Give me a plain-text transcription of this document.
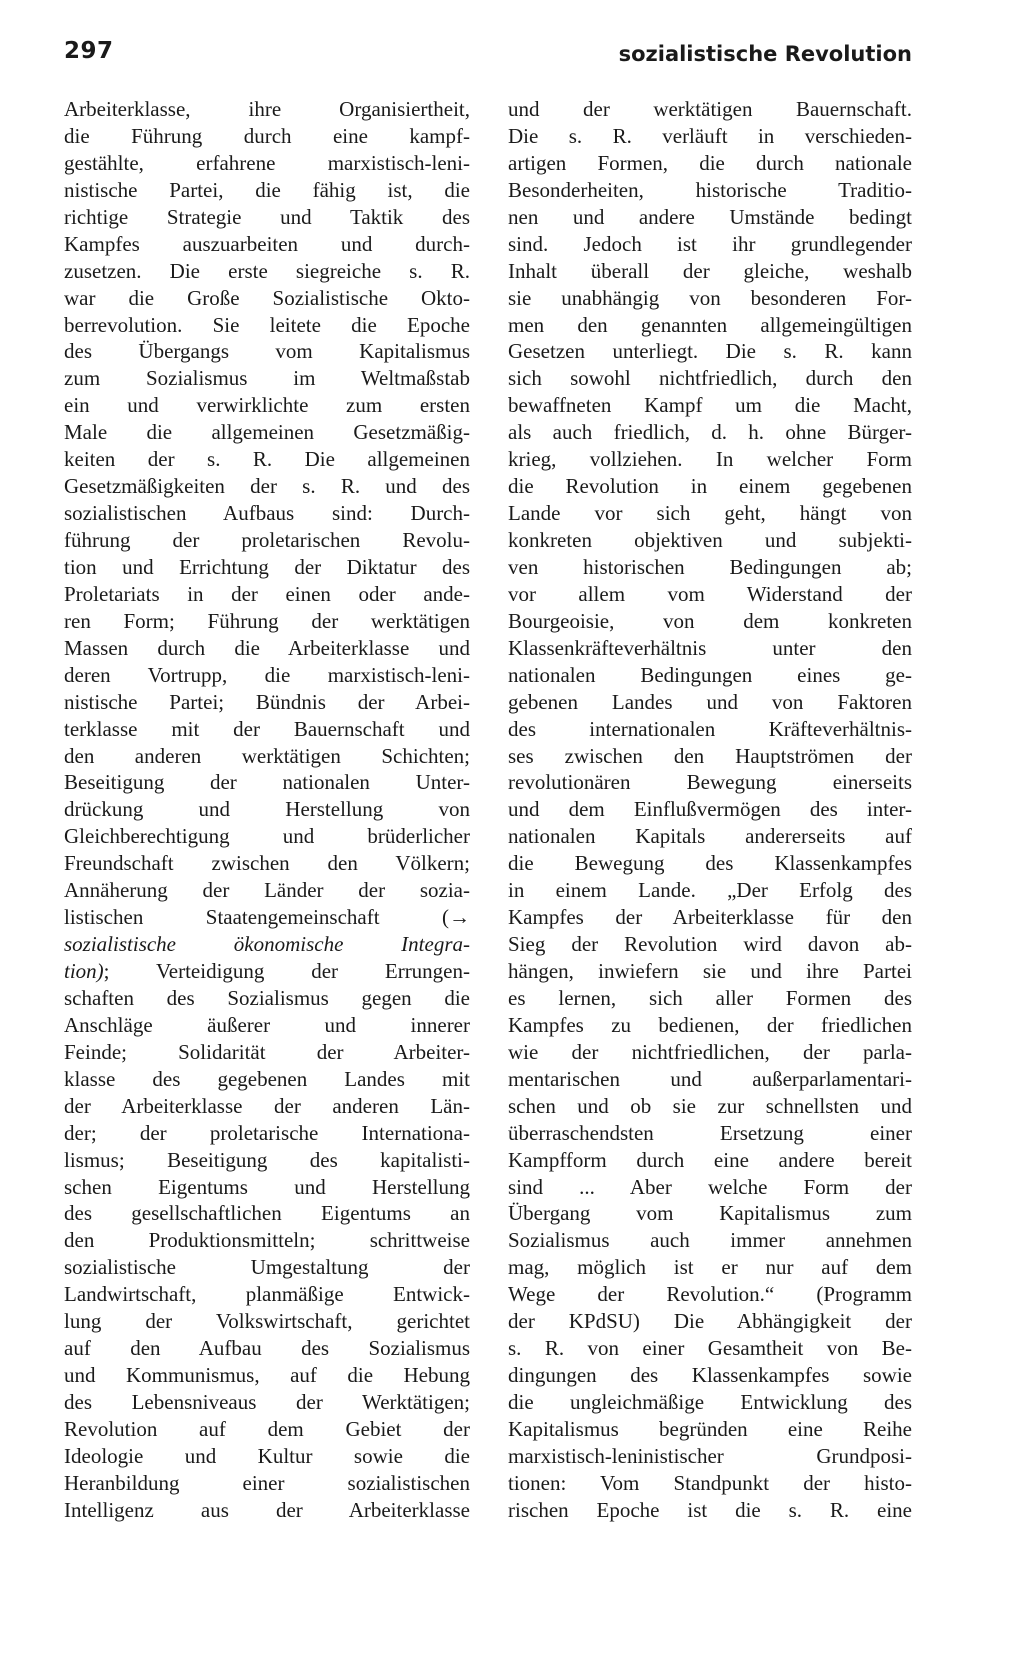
297	sozialistische Revolution
Arbeiterklasse, ihre Organisiertheit,
die Führung durch eine kampf-
gestählte, erfahrene marxistisch-leni-
nistische Partei, die fähig ist, die
richtige Strategie und Taktik des
Kampfes auszuarbeiten und durch-
zusetzen. Die erste siegreiche s. R.
war die Große Sozialistische Okto-
berrevolution. Sie leitete die Epoche
des Übergangs vom Kapitalismus
zum Sozialismus im Weltmaßstab
ein und verwirklichte zum ersten
Male die allgemeinen Gesetzmäßig-
keiten der s. R. Die allgemeinen
Gesetzmäßigkeiten der s. R. und des
sozialistischen Aufbaus sind: Durch-
führung der proletarischen Revolu-
tion und Errichtung der Diktatur des
Proletariats in der einen oder ande-
ren Form; Führung der werktätigen
Massen durch die Arbeiterklasse und
deren Vortrupp, die marxistisch-leni-
nistische Partei; Bündnis der Arbei-
terklasse mit der Bauernschaft und
den anderen werktätigen Schichten;
Beseitigung der nationalen Unter-
drückung und Herstellung von
Gleichberechtigung und brüderlicher
Freundschaft zwischen den Völkern;
Annäherung der Länder der sozia-
listischen Staatengemeinschaft (→
sozialistische ökonomische Integra-
tion); Verteidigung der Errungen-
schaften des Sozialismus gegen die
Anschläge äußerer und innerer
Feinde; Solidarität der Arbeiter-
klasse des gegebenen Landes mit
der Arbeiterklasse der anderen Län-
der; der proletarische Internationa-
lismus; Beseitigung des kapitalisti-
schen Eigentums und Herstellung
des gesellschaftlichen Eigentums an
den Produktionsmitteln; schrittweise
sozialistische Umgestaltung der
Landwirtschaft, planmäßige Entwick-
lung der Volkswirtschaft, gerichtet
auf den Aufbau des Sozialismus
und Kommunismus, auf die Hebung
des Lebensniveaus der Werktätigen;
Revolution auf dem Gebiet der
Ideologie und Kultur sowie die
Heranbildung einer sozialistischen
Intelligenz aus der Arbeiterklasse
und der werktätigen Bauernschaft.
Die s. R. verläuft in verschieden-
artigen Formen, die durch nationale
Besonderheiten, historische Traditio-
nen und andere Umstände bedingt
sind. Jedoch ist ihr grundlegender
Inhalt überall der gleiche, weshalb
sie unabhängig von besonderen For-
men den genannten allgemeingültigen
Gesetzen unterliegt. Die s. R. kann
sich sowohl nichtfriedlich, durch den
bewaffneten Kampf um die Macht,
als auch friedlich, d. h. ohne Bürger-
krieg, vollziehen. In welcher Form
die Revolution in einem gegebenen
Lande vor sich geht, hängt von
konkreten objektiven und subjekti-
ven historischen Bedingungen ab;
vor allem vom Widerstand der
Bourgeoisie, von dem konkreten
Klassenkräfteverhältnis unter den
nationalen Bedingungen eines ge-
gebenen Landes und von Faktoren
des internationalen Kräfteverhältnis-
ses zwischen den Hauptströmen der
revolutionären Bewegung einerseits
und dem Einflußvermögen des inter-
nationalen Kapitals andererseits auf
die Bewegung des Klassenkampfes
in einem Lande. „Der Erfolg des
Kampfes der Arbeiterklasse für den
Sieg der Revolution wird davon ab-
hängen, inwiefern sie und ihre Partei
es lernen, sich aller Formen des
Kampfes zu bedienen, der friedlichen
wie der nichtfriedlichen, der parla-
mentarischen und außerparlamentari-
schen und ob sie zur schnellsten und
überraschendsten Ersetzung einer
Kampfform durch eine andere bereit
sind ... Aber welche Form der
Übergang vom Kapitalismus zum
Sozialismus auch immer annehmen
mag, möglich ist er nur auf dem
Wege der Revolution.“ (Programm
der KPdSU) Die Abhängigkeit der
s. R. von einer Gesamtheit von Be-
dingungen des Klassenkampfes sowie
die ungleichmäßige Entwicklung des
Kapitalismus begründen eine Reihe
marxistisch-leninistischer Grundposi-
tionen: Vom Standpunkt der histo-
rischen Epoche ist die s. R. eine
